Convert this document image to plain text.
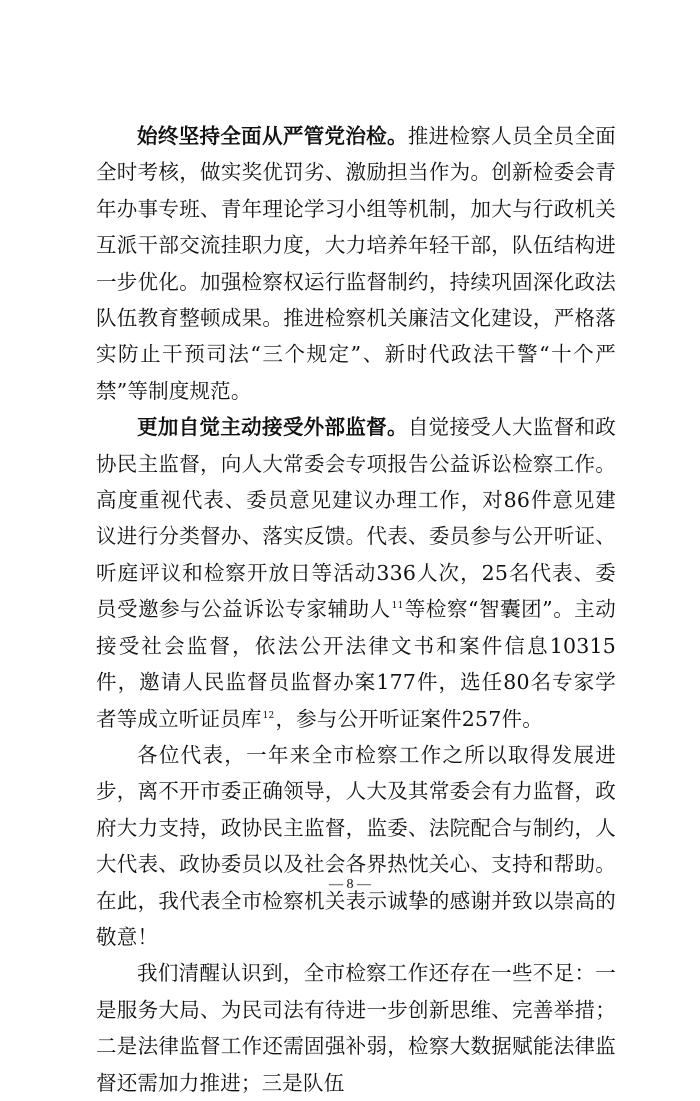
始终坚持全面从严管党治检。推进检察人员全员全面全时考核，做实奖优罚劣、激励担当作为。创新检委会青年办事专班、青年理论学习小组等机制，加大与行政机关互派干部交流挂职力度，大力培养年轻干部，队伍结构进一步优化。加强检察权运行监督制约，持续巩固深化政法队伍教育整顿成果。推进检察机关廉洁文化建设，严格落实防止干预司法“三个规定”、新时代政法干警“十个严禁”等制度规范。

更加自觉主动接受外部监督。自觉接受人大监督和政协民主监督，向人大常委会专项报告公益诉讼检察工作。高度重视代表、委员意见建议办理工作，对86件意见建议进行分类督办、落实反馈。代表、委员参与公开听证、听庭评议和检察开放日等活动336人次，25名代表、委员受邀参与公益诉讼专家辅助人$^{11}$等检察“智囊团”。主动接受社会监督，依法公开法律文书和案件信息10315件，邀请人民监督员监督办案177件，选任80名专家学者等成立听证员库$^{12}$，参与公开听证案件257件。

各位代表，一年来全市检察工作之所以取得发展进步，离不开市委正确领导，人大及其常委会有力监督，政府大力支持，政协民主监督，监委、法院配合与制约，人大代表、政协委员以及社会各界热忱关心、支持和帮助。在此，我代表全市检察机关表示诚挚的感谢并致以崇高的敬意！

我们清醒认识到，全市检察工作还存在一些不足：一是服务大局、为民司法有待进一步创新思维、完善举措；二是法律监督工作还需固强补弱，检察大数据赋能法律监督还需加力推进；三是队伍

— 8 —
